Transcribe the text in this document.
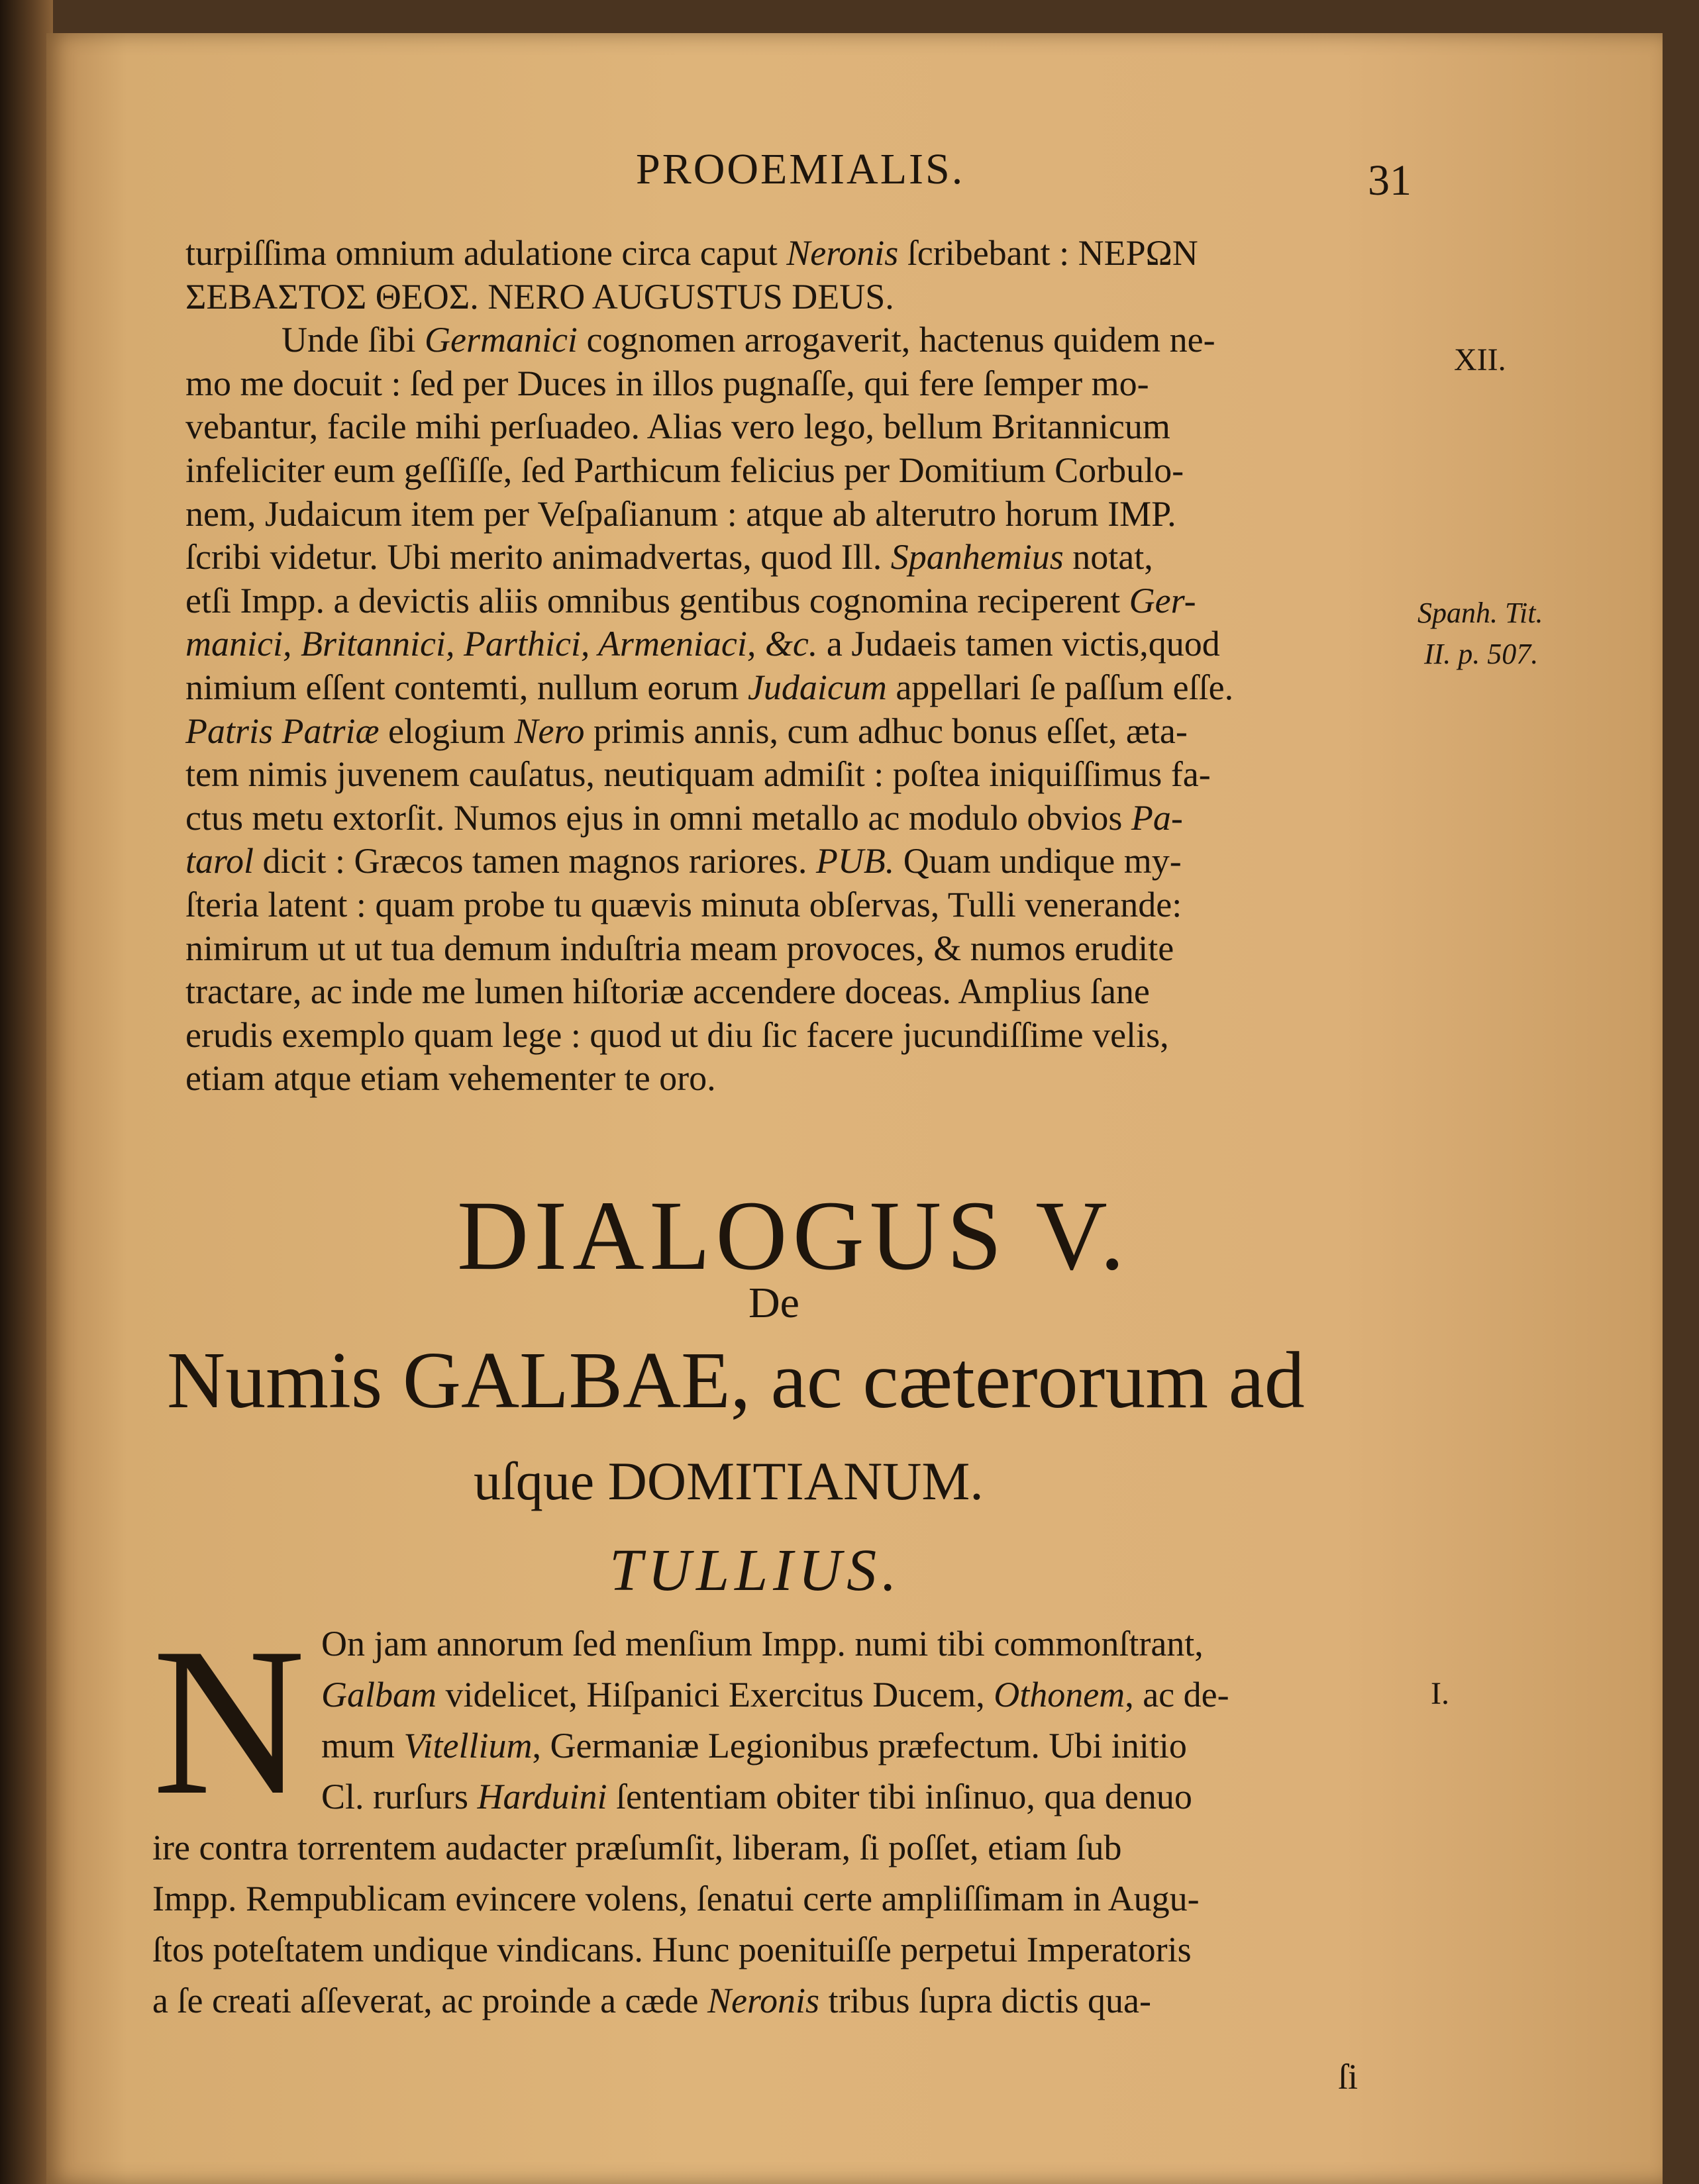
PROOEMIALIS.	31
turpiſſima omnium adulatione circa caput Neronis ſcribebant : ΝΕΡΩΝ
ΣΕΒΑΣΤΟΣ ΘΕΟΣ. NERO AUGUSTUS DEUS.
Unde ſibi Germanici cognomen arrogaverit, hactenus quidem ne-
mo me docuit : ſed per Duces in illos pugnaſſe, qui fere ſemper mo-
vebantur, facile mihi perſuadeo. Alias vero lego, bellum Britannicum
infeliciter eum geſſiſſe, ſed Parthicum felicius per Domitium Corbulo-
nem, Judaicum item per Veſpaſianum : atque ab alterutro horum IMP.
ſcribi videtur. Ubi merito animadvertas, quod Ill. Spanhemius notat,
etſi Impp. a devictis aliis omnibus gentibus cognomina reciperent Ger-
manici, Britannici, Parthici, Armeniaci, &c. a Judaeis tamen victis,quod
nimium eſſent contemti, nullum eorum Judaicum appellari ſe paſſum eſſe.
Patris Patriæ elogium Nero primis annis, cum adhuc bonus eſſet, æta-
tem nimis juvenem cauſatus, neutiquam admiſit : poſtea iniquiſſimus fa-
ctus metu extorſit. Numos ejus in omni metallo ac modulo obvios Pa-
tarol dicit : Græcos tamen magnos rariores. PUB. Quam undique my-
ſteria latent : quam probe tu quævis minuta obſervas, Tulli venerande:
nimirum ut ut tua demum induſtria meam provoces, & numos erudite
tractare, ac inde me lumen hiſtoriæ accendere doceas. Amplius ſane
erudis exemplo quam lege : quod ut diu ſic facere jucundiſſime velis,
etiam atque etiam vehementer te oro.
XII.
Spanh. Tit.
II. p. 507.
DIALOGUS V.
De
Numis GALBAE, ac cæterorum ad
uſque DOMITIANUM.
TULLIUS.
N On jam annorum ſed menſium Impp. numi tibi commonſtrant,
Galbam videlicet, Hiſpanici Exercitus Ducem, Othonem, ac de-
mum Vitellium, Germaniæ Legionibus præfectum. Ubi initio
Cl. rurſurs Harduini ſententiam obiter tibi inſinuo, qua denuo
ire contra torrentem audacter præſumſit, liberam, ſi poſſet, etiam ſub
Impp. Rempublicam evincere volens, ſenatui certe ampliſſimam in Augu-
ſtos poteſtatem undique vindicans. Hunc poenituiſſe perpetui Imperatoris
a ſe creati aſſeverat, ac proinde a cæde Neronis tribus ſupra dictis qua-
I.
ſi
